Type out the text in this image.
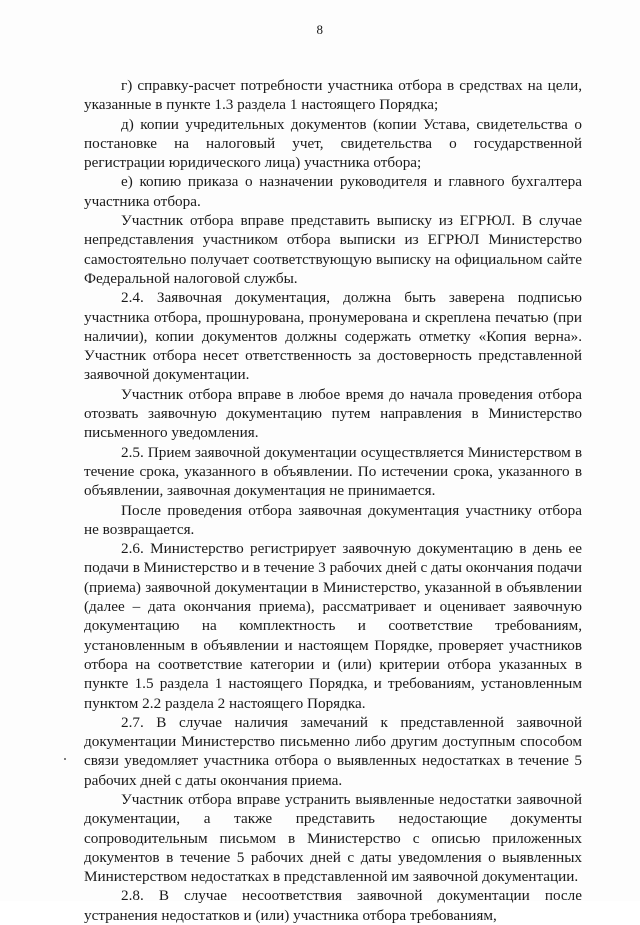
8

г) справку-расчет потребности участника отбора в средствах на цели, указанные в пункте 1.3 раздела 1 настоящего Порядка;

д) копии учредительных документов (копии Устава, свидетельства о постановке на налоговый учет, свидетельства о государственной регистрации юридического лица) участника отбора;

е) копию приказа о назначении руководителя и главного бухгалтера участника отбора.

Участник отбора вправе представить выписку из ЕГРЮЛ. В случае непредставления участником отбора выписки из ЕГРЮЛ Министерство самостоятельно получает соответствующую выписку на официальном сайте Федеральной налоговой службы.

2.4. Заявочная документация, должна быть заверена подписью участника отбора, прошнурована, пронумерована и скреплена печатью (при наличии), копии документов должны содержать отметку «Копия верна». Участник отбора несет ответственность за достоверность представленной заявочной документации.

Участник отбора вправе в любое время до начала проведения отбора отозвать заявочную документацию путем направления в Министерство письменного уведомления.

2.5. Прием заявочной документации осуществляется Министерством в течение срока, указанного в объявлении. По истечении срока, указанного в объявлении, заявочная документация не принимается.

После проведения отбора заявочная документация участнику отбора не возвращается.

2.6. Министерство регистрирует заявочную документацию в день ее подачи в Министерство и в течение 3 рабочих дней с даты окончания подачи (приема) заявочной документации в Министерство, указанной в объявлении (далее – дата окончания приема), рассматривает и оценивает заявочную документацию на комплектность и соответствие требованиям, установленным в объявлении и настоящем Порядке, проверяет участников отбора на соответствие категории и (или) критерии отбора указанных в пункте 1.5 раздела 1 настоящего Порядка, и требованиям, установленным пунктом 2.2 раздела 2 настоящего Порядка.

2.7. В случае наличия замечаний к представленной заявочной документации Министерство письменно либо другим доступным способом связи уведомляет участника отбора о выявленных недостатках в течение 5 рабочих дней с даты окончания приема.

Участник отбора вправе устранить выявленные недостатки заявочной документации, а также представить недостающие документы сопроводительным письмом в Министерство с описью приложенных документов в течение 5 рабочих дней с даты уведомления о выявленных Министерством недостатках в представленной им заявочной документации.

2.8. В случае несоответствия заявочной документации после устранения недостатков и (или) участника отбора требованиям,
